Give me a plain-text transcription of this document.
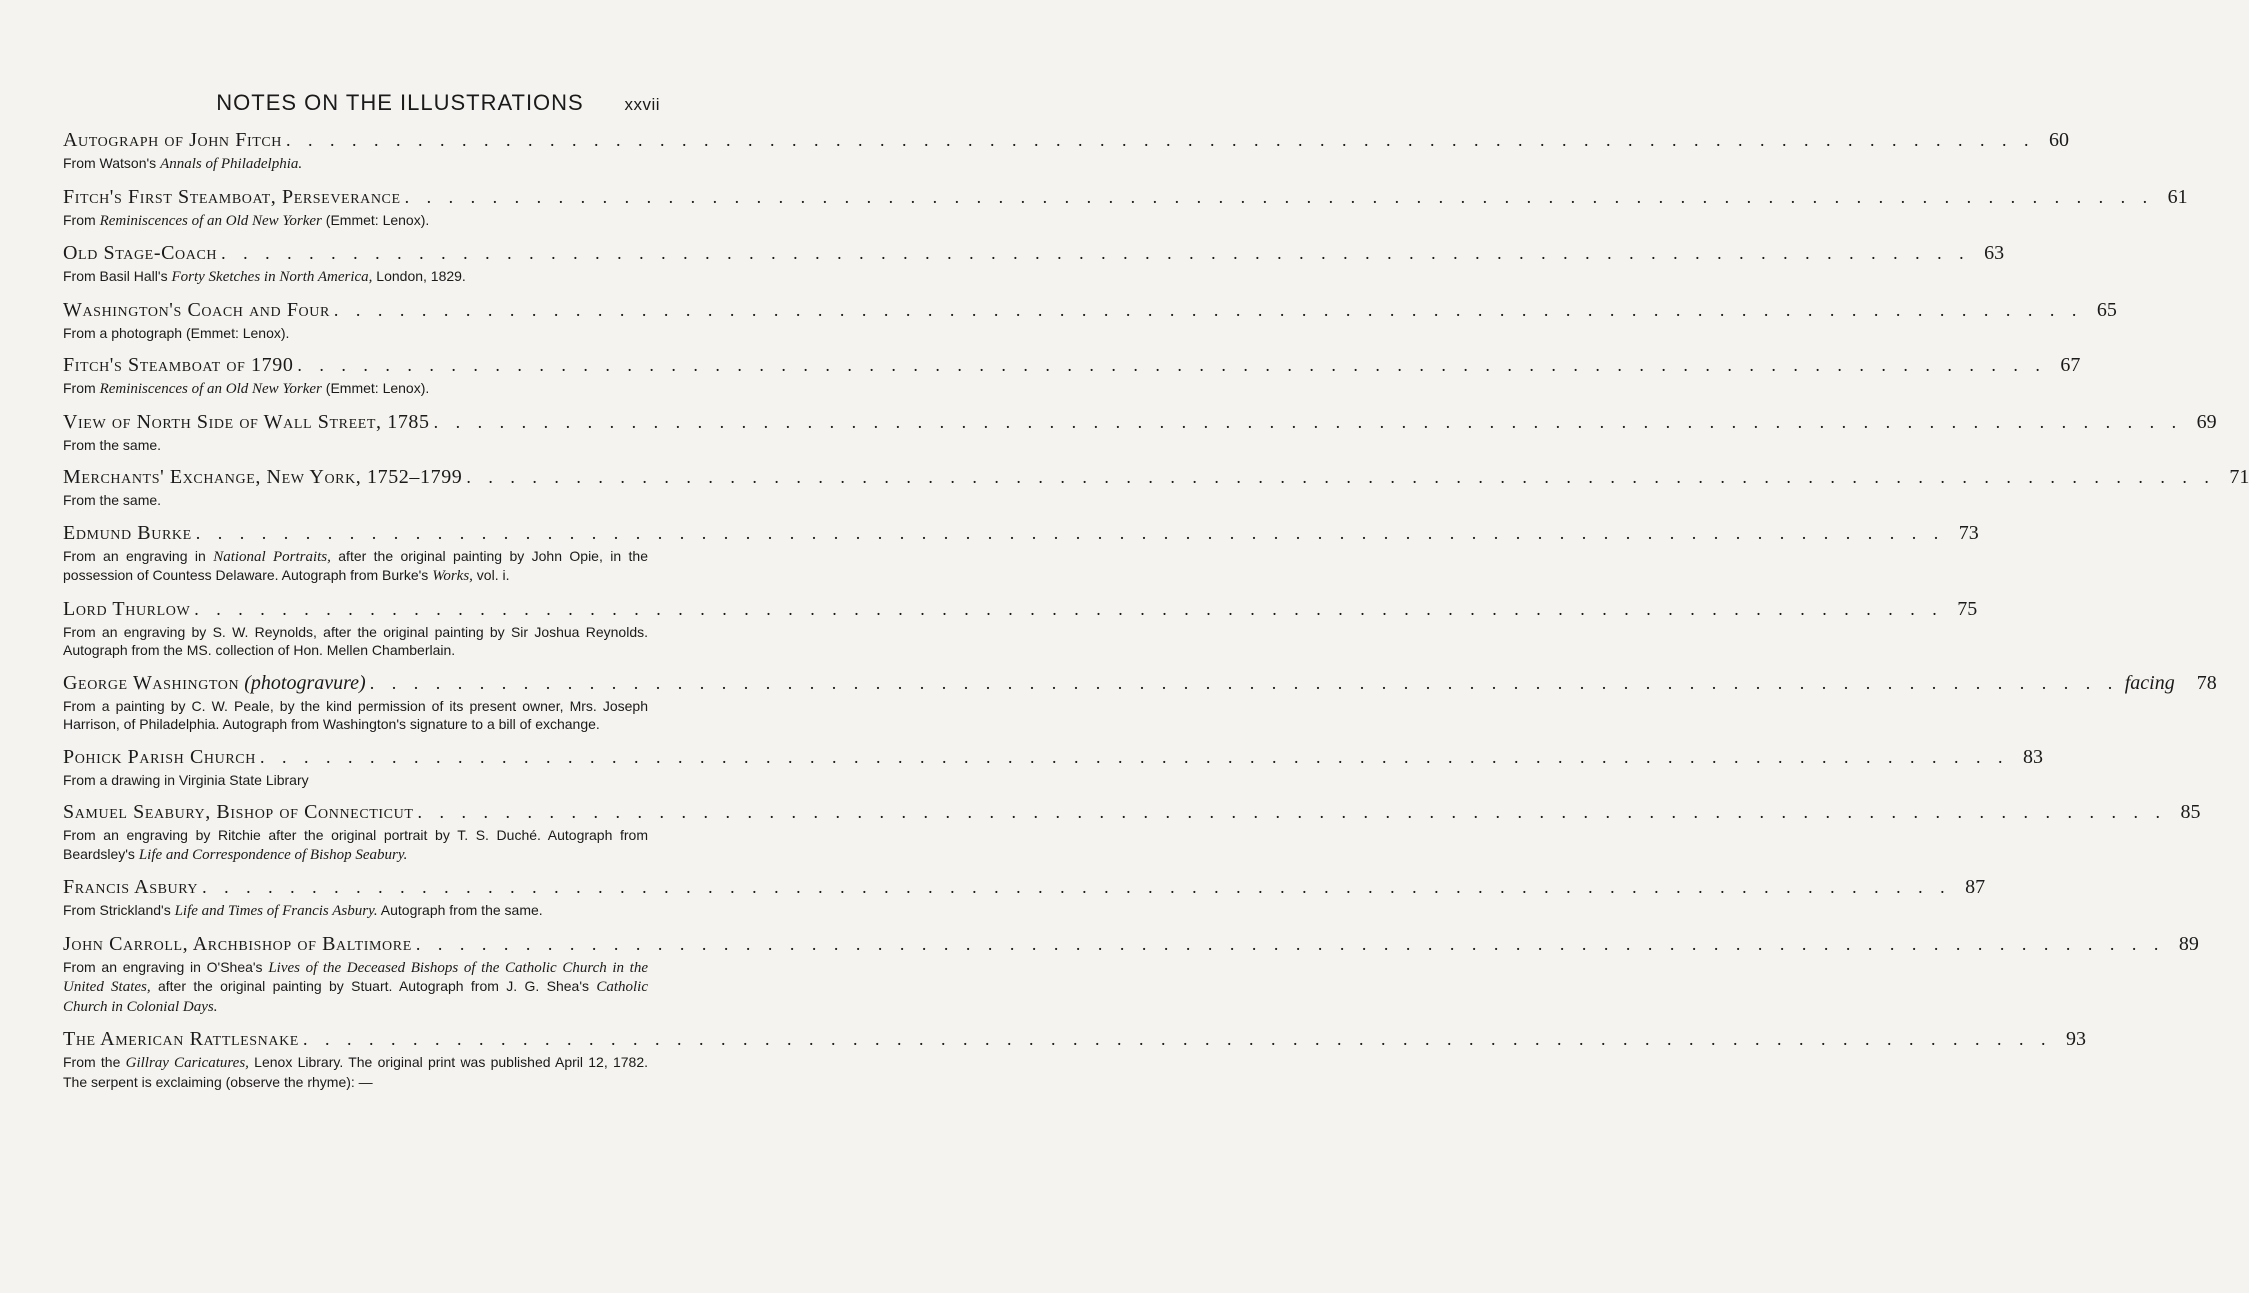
NOTES ON THE ILLUSTRATIONS	xxvii
Autograph of John Fitch . . . . . . . . . . . . . . . . . . . . . . . . . . . . . . . . . . . . . . . . . . . . . . . . . . . . . . . . . . . . . . . . . . . . . . . . . . . . . . . . 60
From Watson's Annals of Philadelphia.
Fitch's First Steamboat, Perseverance . . . . . . . . . . . . . . . . . . . . . . . . . . . . . . . . . . . . . . . . . . . . . . . . . . . . . . . . . . . . . . . . . . . . . . . . . . . . . . . . 61
From Reminiscences of an Old New Yorker (Emmet: Lenox).
Old Stage-Coach . . . . . . . . . . . . . . . . . . . . . . . . . . . . . . . . . . . . . . . . . . . . . . . . . . . . . . . . . . . . . . . . . . . . . . . . . . . . . . . . 63
From Basil Hall's Forty Sketches in North America, London, 1829.
Washington's Coach and Four . . . . . . . . . . . . . . . . . . . . . . . . . . . . . . . . . . . . . . . . . . . . . . . . . . . . . . . . . . . . . . . . . . . . . . . . . . . . . . . . 65
From a photograph (Emmet: Lenox).
Fitch's Steamboat of 1790 . . . . . . . . . . . . . . . . . . . . . . . . . . . . . . . . . . . . . . . . . . . . . . . . . . . . . . . . . . . . . . . . . . . . . . . . . . . . . . . . 67
From Reminiscences of an Old New Yorker (Emmet: Lenox).
View of North Side of Wall Street, 1785 . . . . . . . . . . . . . . . . . . . . . . . . . . . . . . . . . . . . . . . . . . . . . . . . . . . . . . . . . . . . . . . . . . . . . . . . . . . . . . . . 69
From the same.
Merchants' Exchange, New York, 1752–1799 . . . . . . . . . . . . . . . . . . . . . . . . . . . . . . . . . . . . . . . . . . . . . . . . . . . . . . . . . . . . . . . . . . . . . . . . . . . . . . . . 71
From the same.
Edmund Burke . . . . . . . . . . . . . . . . . . . . . . . . . . . . . . . . . . . . . . . . . . . . . . . . . . . . . . . . . . . . . . . . . . . . . . . . . . . . . . . . 73
From an engraving in National Portraits, after the original painting by John Opie, in the possession of Countess Delaware. Autograph from Burke's Works, vol. i.
Lord Thurlow . . . . . . . . . . . . . . . . . . . . . . . . . . . . . . . . . . . . . . . . . . . . . . . . . . . . . . . . . . . . . . . . . . . . . . . . . . . . . . . . 75
From an engraving by S. W. Reynolds, after the original painting by Sir Joshua Reynolds. Autograph from the MS. collection of Hon. Mellen Chamberlain.
George Washington (photogravure) . . . . . . . . . . . . . . . . . . . . . . . . . . . . . . . . . . . . . . . . . . . . . . . . . . . . . . . . . . . . . . . . . . . . . . . . . . . . . . . . facing	78
From a painting by C. W. Peale, by the kind permission of its present owner, Mrs. Joseph Harrison, of Philadelphia. Autograph from Washington's signature to a bill of exchange.
Pohick Parish Church . . . . . . . . . . . . . . . . . . . . . . . . . . . . . . . . . . . . . . . . . . . . . . . . . . . . . . . . . . . . . . . . . . . . . . . . . . . . . . . . 83
From a drawing in Virginia State Library
Samuel Seabury, Bishop of Connecticut . . . . . . . . . . . . . . . . . . . . . . . . . . . . . . . . . . . . . . . . . . . . . . . . . . . . . . . . . . . . . . . . . . . . . . . . . . . . . . . . 85
From an engraving by Ritchie after the original portrait by T. S. Duché. Autograph from Beardsley's Life and Correspondence of Bishop Seabury.
Francis Asbury . . . . . . . . . . . . . . . . . . . . . . . . . . . . . . . . . . . . . . . . . . . . . . . . . . . . . . . . . . . . . . . . . . . . . . . . . . . . . . . . 87
From Strickland's Life and Times of Francis Asbury. Autograph from the same.
John Carroll, Archbishop of Baltimore . . . . . . . . . . . . . . . . . . . . . . . . . . . . . . . . . . . . . . . . . . . . . . . . . . . . . . . . . . . . . . . . . . . . . . . . . . . . . . . . 89
From an engraving in O'Shea's Lives of the Deceased Bishops of the Catholic Church in the United States, after the original painting by Stuart. Autograph from J. G. Shea's Catholic Church in Colonial Days.
The American Rattlesnake . . . . . . . . . . . . . . . . . . . . . . . . . . . . . . . . . . . . . . . . . . . . . . . . . . . . . . . . . . . . . . . . . . . . . . . . . . . . . . . . 93
From the Gillray Caricatures, Lenox Library. The original print was published April 12, 1782. The serpent is exclaiming (observe the rhyme): —
